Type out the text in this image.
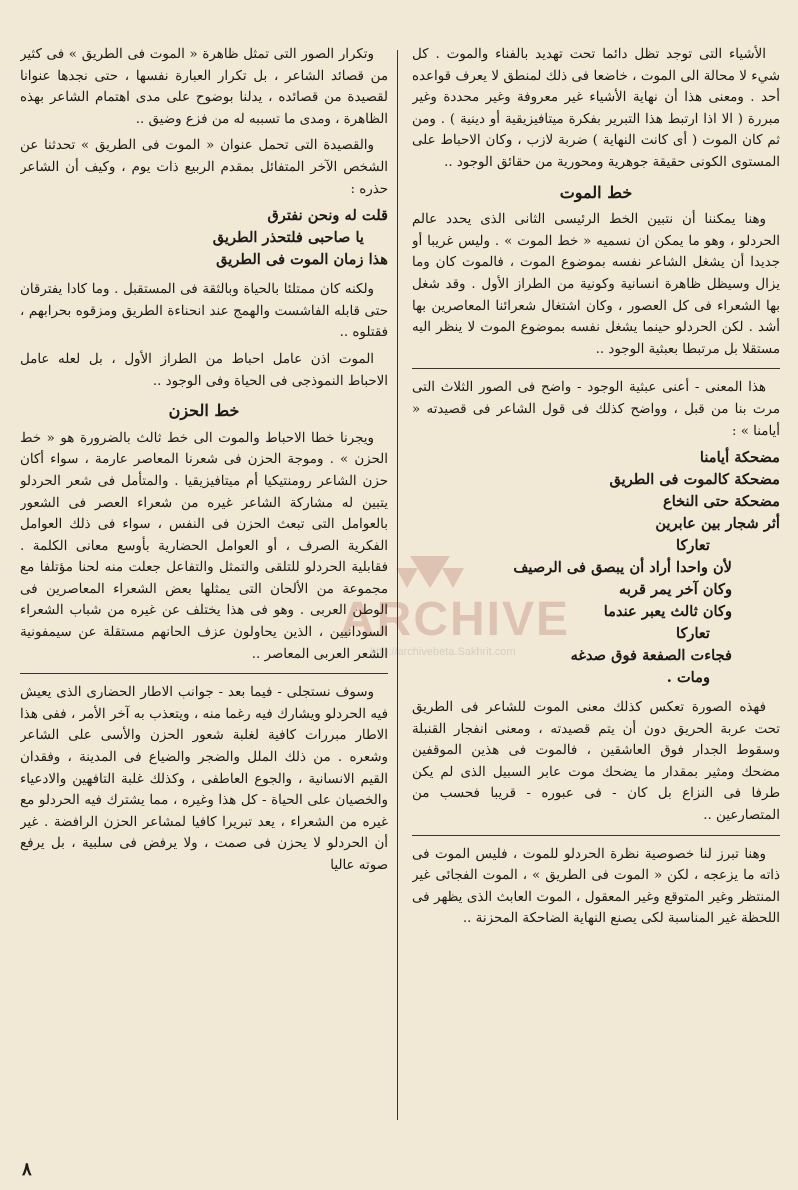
الأشياء التى توجد تظل دائما تحت تهديد بالفناء والموت . كل شيء لا محالة الى الموت ، خاضعا فى ذلك لمنطق لا يعرف قواعده أحد . ومعنى هذا أن نهاية الأشياء غير معروفة وغير محددة وغير مبررة ( الا اذا ارتبط هذا التبرير بفكرة ميتافيزيقية أو دينية ) . ومن ثم كان الموت ( أى كانت النهاية ) ضربة لازب ، وكان الاحباط على المستوى الكونى حقيقة جوهرية ومحورية من حقائق الوجود ..

خط الموت

وهنا يمكننا أن نتبين الخط الرئيسى الثانى الذى يحدد عالم الحردلو ، وهو ما يمكن ان نسميه « خط الموت » . وليس غريبا أو جديدا أن يشغل الشاعر نفسه بموضوع الموت ، فالموت كان وما يزال وسيظل ظاهرة انسانية وكونية من الطراز الأول . وقد شغل بها الشعراء فى كل العصور ، وكان اشتغال شعرائنا المعاصرين بها أشد . لكن الحردلو حينما يشغل نفسه بموضوع الموت لا ينظر اليه مستقلا بل مرتبطا بعبثية الوجود ..

هذا المعنى - أعنى عبثية الوجود - واضح فى الصور الثلاث التى مرت بنا من قبل ، وواضح كذلك فى قول الشاعر فى قصيدته « أيامنا » :

مضحكة أيامنا
مضحكة كالموت فى الطريق
مضحكة حتى النخاع
أثر شجار بين عابرين
تعاركا
لأن واحدا أراد أن يبصق فى الرصيف
وكان آخر يمر قربه
وكان ثالث يعبر عندما
تعاركا
فجاءت الصفعة فوق صدغه
ومات .

فهذه الصورة تعكس كذلك معنى الموت للشاعر فى الطريق تحت عربة الحريق دون أن يتم قصيدته ، ومعنى انفجار القنبلة وسقوط الجدار فوق العاشقين ، فالموت فى هذين الموقفين مضحك ومثير بمقدار ما يضحك موت عابر السبيل الذى لم يكن طرفا فى النزاع بل كان - فى عبوره - قريبا فحسب من المتصارعين ..

وهنا تبرز لنا خصوصية نظرة الحردلو للموت ، فليس الموت فى ذاته ما يزعجه ، لكن « الموت فى الطريق » ، الموت الفجائى غير المنتظر وغير المتوقع وغير المعقول ، الموت العابث الذى يظهر فى اللحظة غير المناسبة لكى يصنع النهاية الضاحكة المحزنة ..

وتكرار الصور التى تمثل ظاهرة « الموت فى الطريق » فى كثير من قصائد الشاعر ، بل تكرار العبارة نفسها ، حتى نجدها عنوانا لقصيدة من قصائده ، يدلنا بوضوح على مدى اهتمام الشاعر بهذه الظاهرة ، ومدى ما تسببه له من فزع وضيق ..

والقصيدة التى تحمل عنوان « الموت فى الطريق » تحدثنا عن الشخص الآخر المتفائل بمقدم الربيع ذات يوم ، وكيف أن الشاعر حذره :

قلت له ونحن نفترق
يا صاحبى فلتحذر الطريق
هذا زمان الموت فى الطريق

ولكنه كان ممتلئا بالحياة وبالثقة فى المستقبل . وما كادا يفترقان حتى قابله الفاشست والهمج عند انحناءة الطريق ومزقوه بحرابهم ، فقتلوه ..

الموت اذن عامل احباط من الطراز الأول ، بل لعله عامل الاحباط النموذجى فى الحياة وفى الوجود ..

خط الحزن

ويجرنا خطا الاحباط والموت الى خط ثالث بالضرورة هو « خط الحزن » . وموجة الحزن فى شعرنا المعاصر عارمة ، سواء أكان حزن الشاعر رومنتيكيا أم ميتافيزيقيا . والمتأمل فى شعر الحردلو يتبين له مشاركة الشاعر غيره من شعراء العصر فى الشعور بالعوامل التى تبعث الحزن فى النفس ، سواء فى ذلك العوامل الفكرية الصرف ، أو العوامل الحضارية بأوسع معانى الكلمة . فقابلية الحردلو للتلقى والتمثل والتفاعل جعلت منه لحنا مؤتلفا مع مجموعة من الألحان التى يمثلها بعض الشعراء المعاصرين فى الوطن العربى . وهو فى هذا يختلف عن غيره من شباب الشعراء السودانيين ، الذين يحاولون عزف الحانهم مستقلة عن سيمفونية الشعر العربى المعاصر ..

وسوف نستجلى - فيما بعد - جوانب الاطار الحضارى الذى يعيش فيه الحردلو ويشارك فيه رغما منه ، ويتعذب به آخر الأمر ، ففى هذا الاطار مبررات كافية لغلبة شعور الحزن والأسى على الشاعر وشعره . من ذلك الملل والضجر والضياع فى المدينة ، وفقدان القيم الانسانية ، والجوع العاطفى ، وكذلك غلبة التافهين والادعياء والخصيان على الحياة - كل هذا وغيره ، مما يشترك فيه الحردلو مع غيره من الشعراء ، يعد تبريرا كافيا لمشاعر الحزن الرافضة . غير أن الحردلو لا يحزن فى صمت ، ولا يرفض فى سلبية ، بل يرفع صوته عاليا

ARCHIVE
http://archivebeta.Sakhrit.com
٨
